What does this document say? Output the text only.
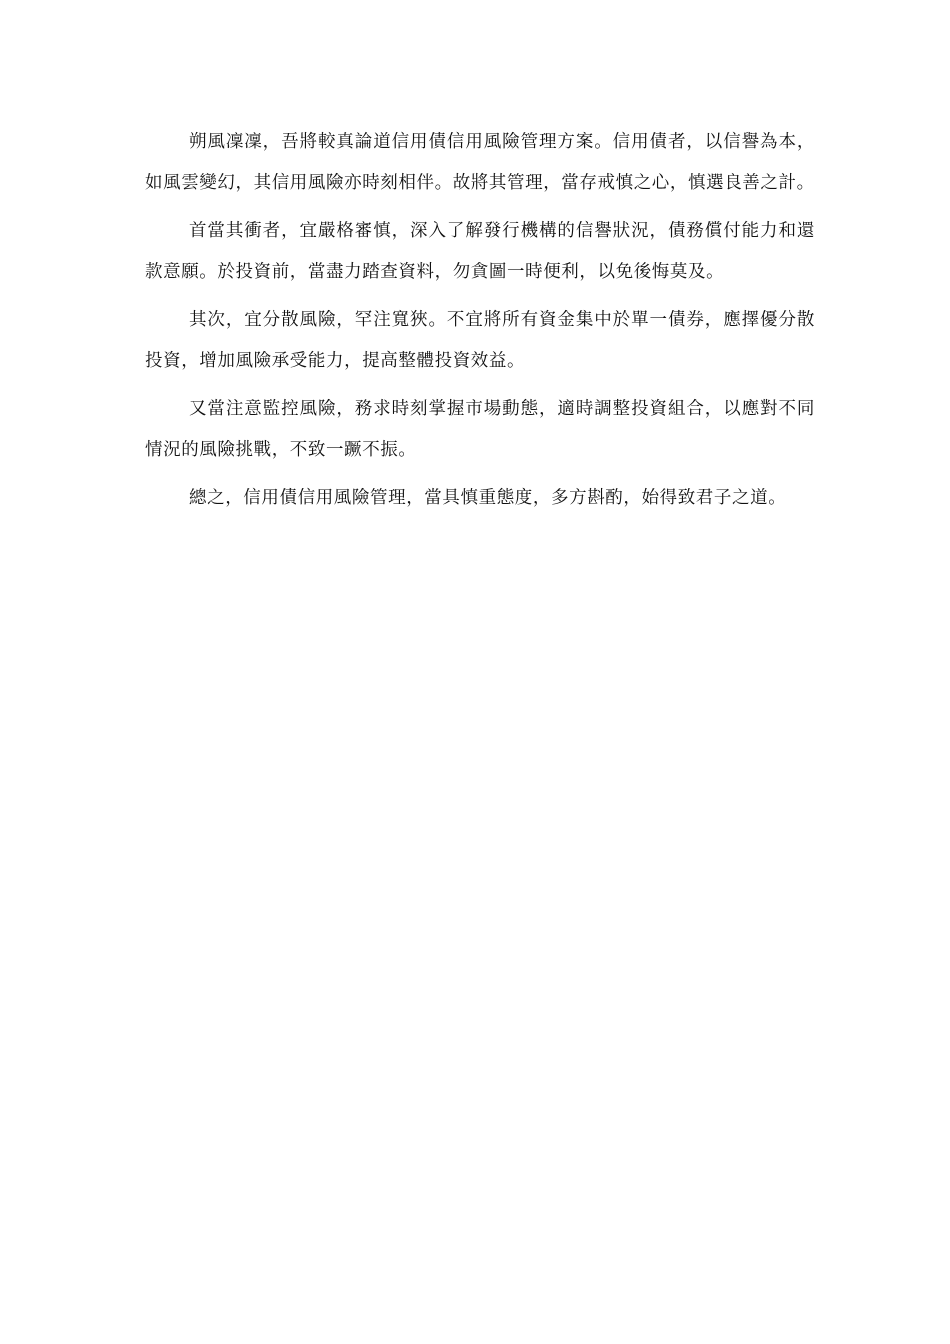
朔風凜凜，吾將較真論道信用債信用風險管理方案。信用債者，以信譽為本，如風雲變幻，其信用風險亦時刻相伴。故將其管理，當存戒慎之心，慎選良善之計。

首當其衝者，宜嚴格審慎，深入了解發行機構的信譽狀況，債務償付能力和還款意願。於投資前，當盡力踏查資料，勿貪圖一時便利，以免後悔莫及。

其次，宜分散風險，罕注寬狹。不宜將所有資金集中於單一債券，應擇優分散投資，增加風險承受能力，提高整體投資效益。

又當注意監控風險，務求時刻掌握市場動態，適時調整投資組合，以應對不同情況的風險挑戰，不致一蹶不振。

總之，信用債信用風險管理，當具慎重態度，多方斟酌，始得致君子之道。
